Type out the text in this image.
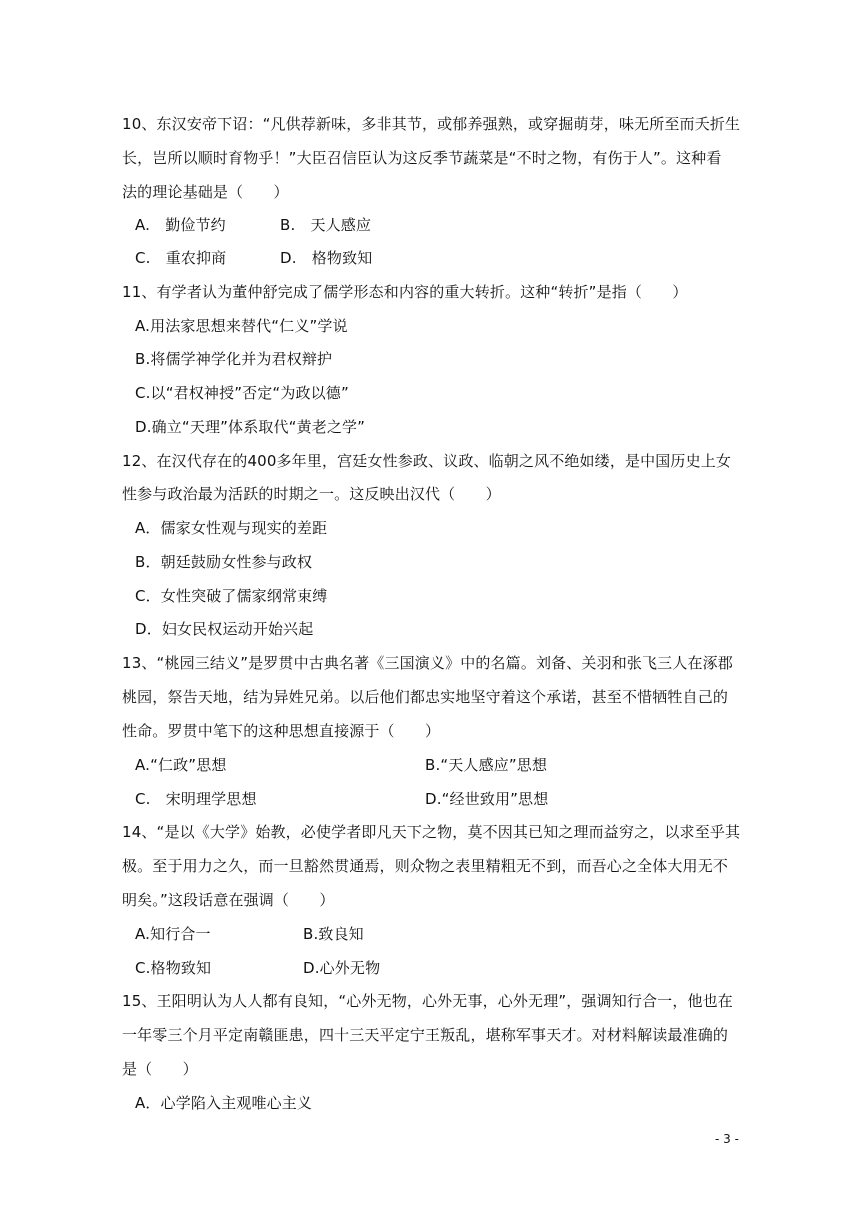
10、东汉安帝下诏：“凡供荐新味，多非其节，或郁养强熟，或穿掘萌芽，味无所至而夭折生
长，岂所以顺时育物乎！”大臣召信臣认为这反季节蔬菜是“不时之物，有伤于人”。这种看
法的理论基础是（　　）
A.　勤俭节约	B.　天人感应
C.　重农抑商	D.　格物致知
11、有学者认为董仲舒完成了儒学形态和内容的重大转折。这种“转折”是指（　　）
A.用法家思想来替代“仁义”学说
B.将儒学神学化并为君权辩护
C.以“君权神授”否定“为政以德”
D.确立“天理”体系取代“黄老之学”
12、在汉代存在的400多年里，宫廷女性参政、议政、临朝之风不绝如缕，是中国历史上女
性参与政治最为活跃的时期之一。这反映出汉代（　　）
A．儒家女性观与现实的差距
B．朝廷鼓励女性参与政权
C．女性突破了儒家纲常束缚
D．妇女民权运动开始兴起
13、“桃园三结义”是罗贯中古典名著《三国演义》中的名篇。刘备、关羽和张飞三人在涿郡
桃园，祭告天地，结为异姓兄弟。以后他们都忠实地坚守着这个承诺，甚至不惜牺牲自己的
性命。罗贯中笔下的这种思想直接源于（　　）
A.“仁政”思想	B.“天人感应”思想
C.　宋明理学思想	D.“经世致用”思想
14、“是以《大学》始教，必使学者即凡天下之物，莫不因其已知之理而益穷之，以求至乎其
极。至于用力之久，而一旦豁然贯通焉，则众物之表里精粗无不到，而吾心之全体大用无不
明矣。”这段话意在强调（　　）
A.知行合一	B.致良知
C.格物致知	D.心外无物
15、王阳明认为人人都有良知，“心外无物，心外无事，心外无理”，强调知行合一，他也在
一年零三个月平定南赣匪患，四十三天平定宁王叛乱，堪称军事天才。对材料解读最准确的
是（　　）
A．心学陷入主观唯心主义
- 3 -
